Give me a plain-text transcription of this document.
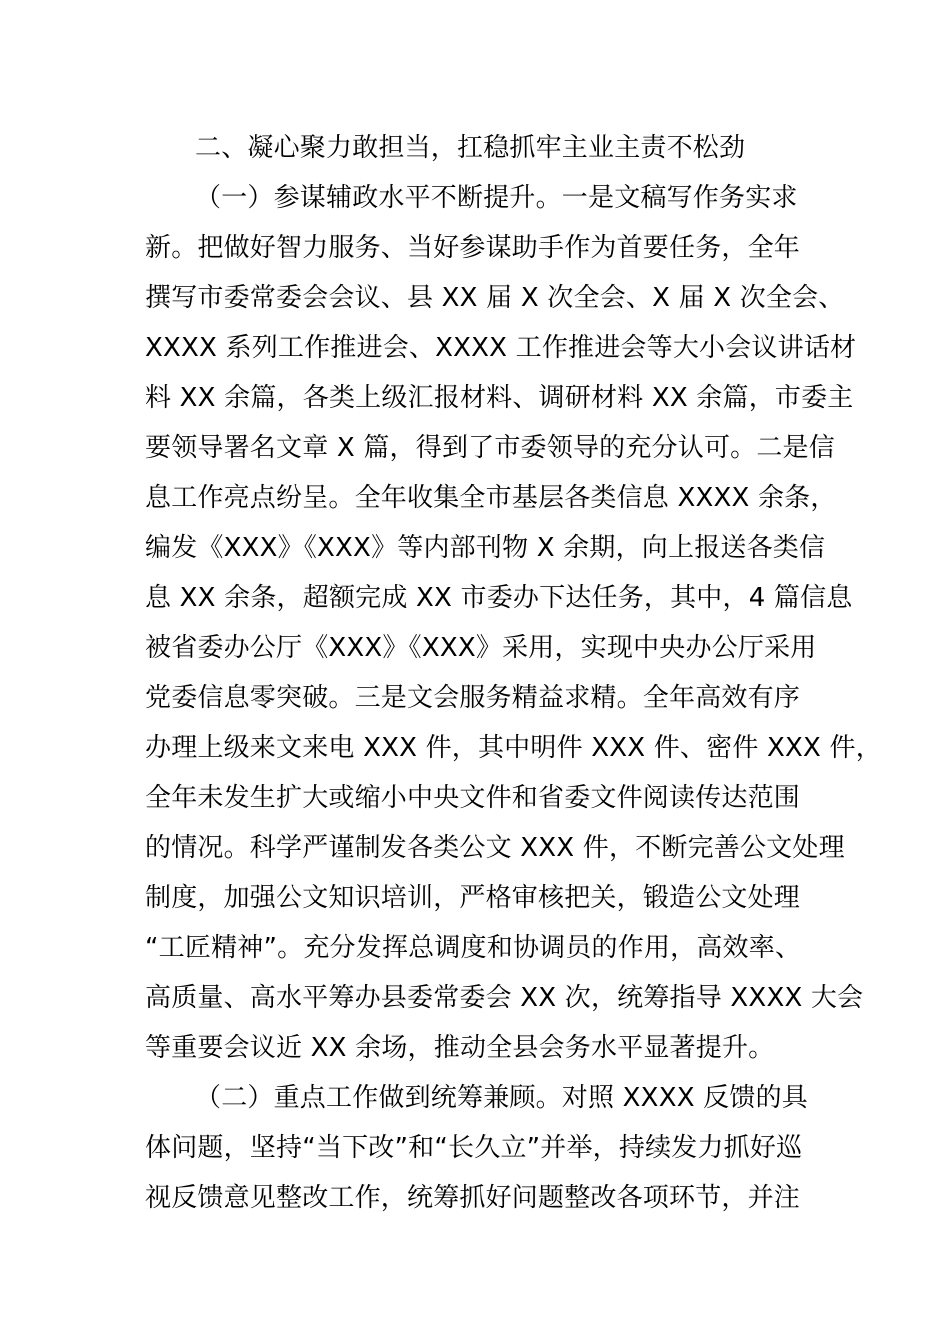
二、凝心聚力敢担当，扛稳抓牢主业主责不松劲
（一）参谋辅政水平不断提升。一是文稿写作务实求
新。把做好智力服务、当好参谋助手作为首要任务，全年
撰写市委常委会会议、县 XX 届 X 次全会、X 届 X 次全会、
XXXX 系列工作推进会、XXXX 工作推进会等大小会议讲话材
料 XX 余篇，各类上级汇报材料、调研材料 XX 余篇，市委主
要领导署名文章 X 篇，得到了市委领导的充分认可。二是信
息工作亮点纷呈。全年收集全市基层各类信息 XXXX 余条，
编发《XXX》《XXX》等内部刊物 X 余期，向上报送各类信
息 XX 余条，超额完成 XX 市委办下达任务，其中，4 篇信息
被省委办公厅《XXX》《XXX》采用，实现中央办公厅采用
党委信息零突破。三是文会服务精益求精。全年高效有序
办理上级来文来电 XXX 件，其中明件 XXX 件、密件 XXX 件，
全年未发生扩大或缩小中央文件和省委文件阅读传达范围
的情况。科学严谨制发各类公文 XXX 件，不断完善公文处理
制度，加强公文知识培训，严格审核把关，锻造公文处理
“工匠精神”。充分发挥总调度和协调员的作用，高效率、
高质量、高水平筹办县委常委会 XX 次，统筹指导 XXXX 大会
等重要会议近 XX 余场，推动全县会务水平显著提升。
（二）重点工作做到统筹兼顾。对照 XXXX 反馈的具
体问题，坚持“当下改”和“长久立”并举，持续发力抓好巡
视反馈意见整改工作，统筹抓好问题整改各项环节，并注
